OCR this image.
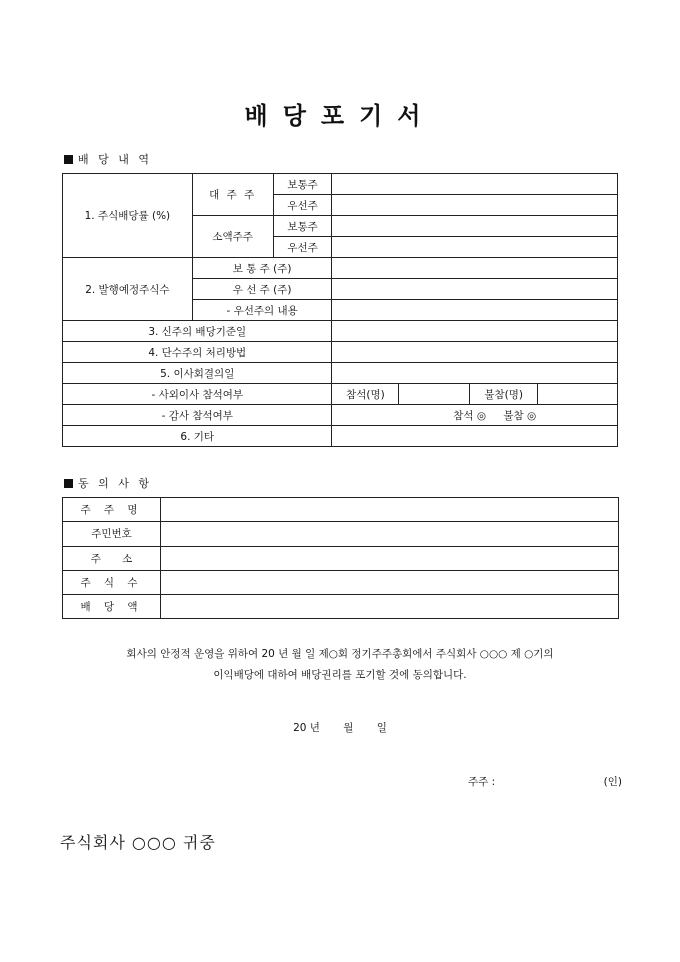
배당포기서
배 당 내 역
1. 주식배당률 (%)	대 주 주	보통주				
		우선주				
	소액주주	보통주				
		우선주				
2. 발행예정주식수	보 통 주 (주)					
	우 선 주 (주)					
	- 우선주의 내용					
3. 신주의 배당기준일						
4. 단수주의 처리방법						
5. 이사회결의일						
- 사외이사 참석여부			참석(명)		불참(명)	
- 감사 참석여부			참석 ◎ 불참 ◎			
6. 기타						
동 의 사 항
주 주 명	
주민번호	
주 소	
주 식 수	
배 당 액	
회사의 안정적 운영을 위하여 20 년 월 일 제○회 정기주주총회에서 주식회사 ○○○ 제 ○기의
이익배당에 대하여 배당권리를 포기할 것에 동의합니다.
20 년 월 일
주주 :	(인)
주식회사 ○○○ 귀중
